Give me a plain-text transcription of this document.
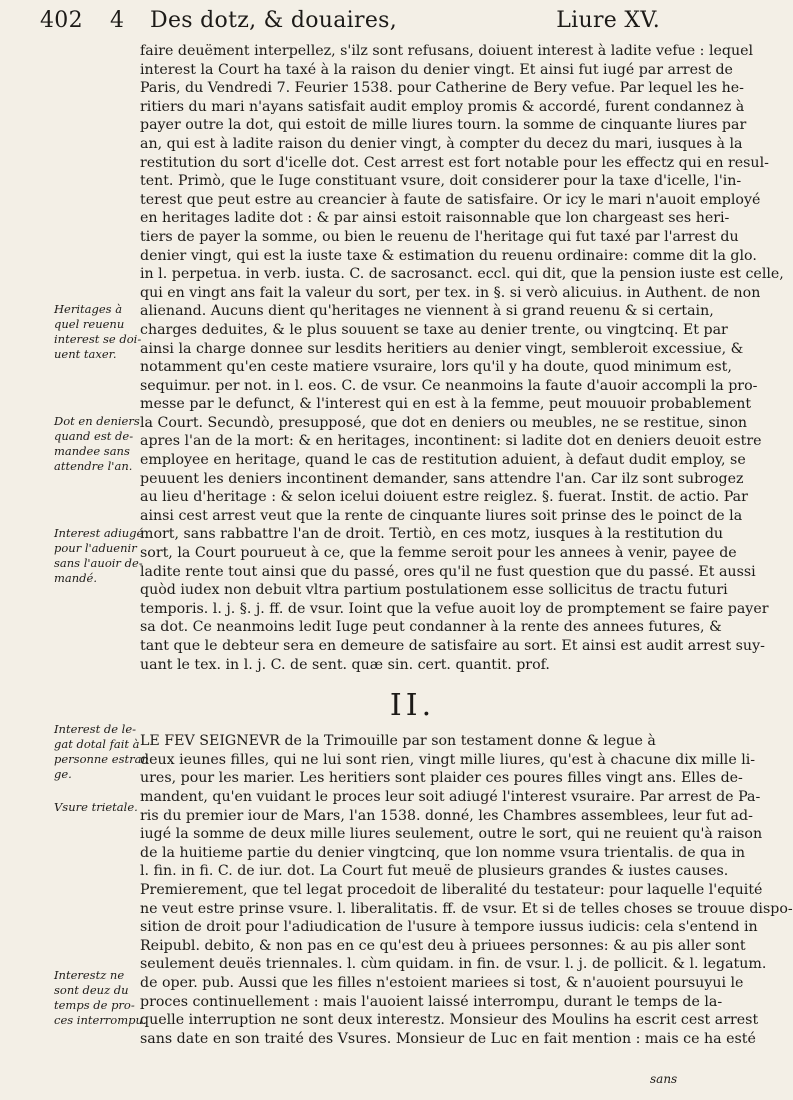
402 4 Des dotz, & douaires,	Liure XV.
faire deuëment interpellez, s'ilz sont refusans, doiuent interest à ladite vefue : lequel
interest la Court ha taxé à la raison du denier vingt. Et ainsi fut iugé par arrest de
Paris, du Vendredi 7. Feurier 1538. pour Catherine de Bery vefue. Par lequel les he-
ritiers du mari n'ayans satisfait audit employ promis & accordé, furent condannez à
payer outre la dot, qui estoit de mille liures tourn. la somme de cinquante liures par
an, qui est à ladite raison du denier vingt, à compter du decez du mari, iusques à la
restitution du sort d'icelle dot. Cest arrest est fort notable pour les effectz qui en resul-
tent. Primò, que le Iuge constituant vsure, doit considerer pour la taxe d'icelle, l'in-
terest que peut estre au creancier à faute de satisfaire. Or icy le mari n'auoit employé
en heritages ladite dot : & par ainsi estoit raisonnable que lon chargeast ses heri-
tiers de payer la somme, ou bien le reuenu de l'heritage qui fut taxé par l'arrest du
denier vingt, qui est la iuste taxe & estimation du reuenu ordinaire: comme dit la glo.
in l. perpetua. in verb. iusta. C. de sacrosanct. eccl. qui dit, que la pension iuste est celle,
qui en vingt ans fait la valeur du sort, per tex. in §. si verò alicuius. in Authent. de non
alienand. Aucuns dient qu'heritages ne viennent à si grand reuenu & si certain,
charges deduites, & le plus souuent se taxe au denier trente, ou vingtcinq. Et par
ainsi la charge donnee sur lesdits heritiers au denier vingt, sembleroit excessiue, &
notamment qu'en ceste matiere vsuraire, lors qu'il y ha doute, quod minimum est,
sequimur. per not. in l. eos. C. de vsur. Ce neanmoins la faute d'auoir accompli la pro-
messe par le defunct, & l'interest qui en est à la femme, peut mouuoir probablement
la Court. Secundò, presupposé, que dot en deniers ou meubles, ne se restitue, sinon
apres l'an de la mort: & en heritages, incontinent: si ladite dot en deniers deuoit estre
employee en heritage, quand le cas de restitution aduient, à defaut dudit employ, se
peuuent les deniers incontinent demander, sans attendre l'an. Car ilz sont subrogez
au lieu d'heritage : & selon icelui doiuent estre reiglez. §. fuerat. Instit. de actio. Par
ainsi cest arrest veut que la rente de cinquante liures soit prinse des le poinct de la
mort, sans rabbattre l'an de droit. Tertiò, en ces motz, iusques à la restitution du
sort, la Court pourueut à ce, que la femme seroit pour les annees à venir, payee de
ladite rente tout ainsi que du passé, ores qu'il ne fust question que du passé. Et aussi
quòd iudex non debuit vltra partium postulationem esse sollicitus de tractu futuri
temporis. l. j. §. j. ff. de vsur. Ioint que la vefue auoit loy de promptement se faire payer
sa dot. Ce neanmoins ledit Iuge peut condanner à la rente des annees futures, &
tant que le debteur sera en demeure de satisfaire au sort. Et ainsi est audit arrest suy-
uant le tex. in l. j. C. de sent. quæ sin. cert. quantit. prof.
II.
LE FEV SEIGNEVR de la Trimouille par son testament donne & legue à
deux ieunes filles, qui ne lui sont rien, vingt mille liures, qu'est à chacune dix mille li-
ures, pour les marier. Les heritiers sont plaider ces poures filles vingt ans. Elles de-
mandent, qu'en vuidant le proces leur soit adiugé l'interest vsuraire. Par arrest de Pa-
ris du premier iour de Mars, l'an 1538. donné, les Chambres assemblees, leur fut ad-
iugé la somme de deux mille liures seulement, outre le sort, qui ne reuient qu'à raison
de la huitieme partie du denier vingtcinq, que lon nomme vsura trientalis. de qua in
l. fin. in fi. C. de iur. dot. La Court fut meuë de plusieurs grandes & iustes causes.
Premierement, que tel legat procedoit de liberalité du testateur: pour laquelle l'equité
ne veut estre prinse vsure. l. liberalitatis. ff. de vsur. Et si de telles choses se trouue dispo-
sition de droit pour l'adiudication de l'usure à tempore iussus iudicis: cela s'entend in
Reipubl. debito, & non pas en ce qu'est deu à priuees personnes: & au pis aller sont
seulement deuës triennales. l. cùm quidam. in fin. de vsur. l. j. de pollicit. & l. legatum.
de oper. pub. Aussi que les filles n'estoient mariees si tost, & n'auoient poursuyui le
proces continuellement : mais l'auoient laissé interrompu, durant le temps de la-
quelle interruption ne sont deux interestz. Monsieur des Moulins ha escrit cest arrest
sans date en son traité des Vsures. Monsieur de Luc en fait mention : mais ce ha esté
Heritages à
quel reuenu
interest se doi-
uent taxer.
Dot en deniers
quand est de-
mandee sans
attendre l'an.
Interest adiugé
pour l'aduenir
sans l'auoir de-
mandé.
Interest de le-
gat dotal fait à
personne estran
ge.
Vsure trietale.
Interestz ne
sont deuz du
temps de pro-
ces interrompu.
sans
